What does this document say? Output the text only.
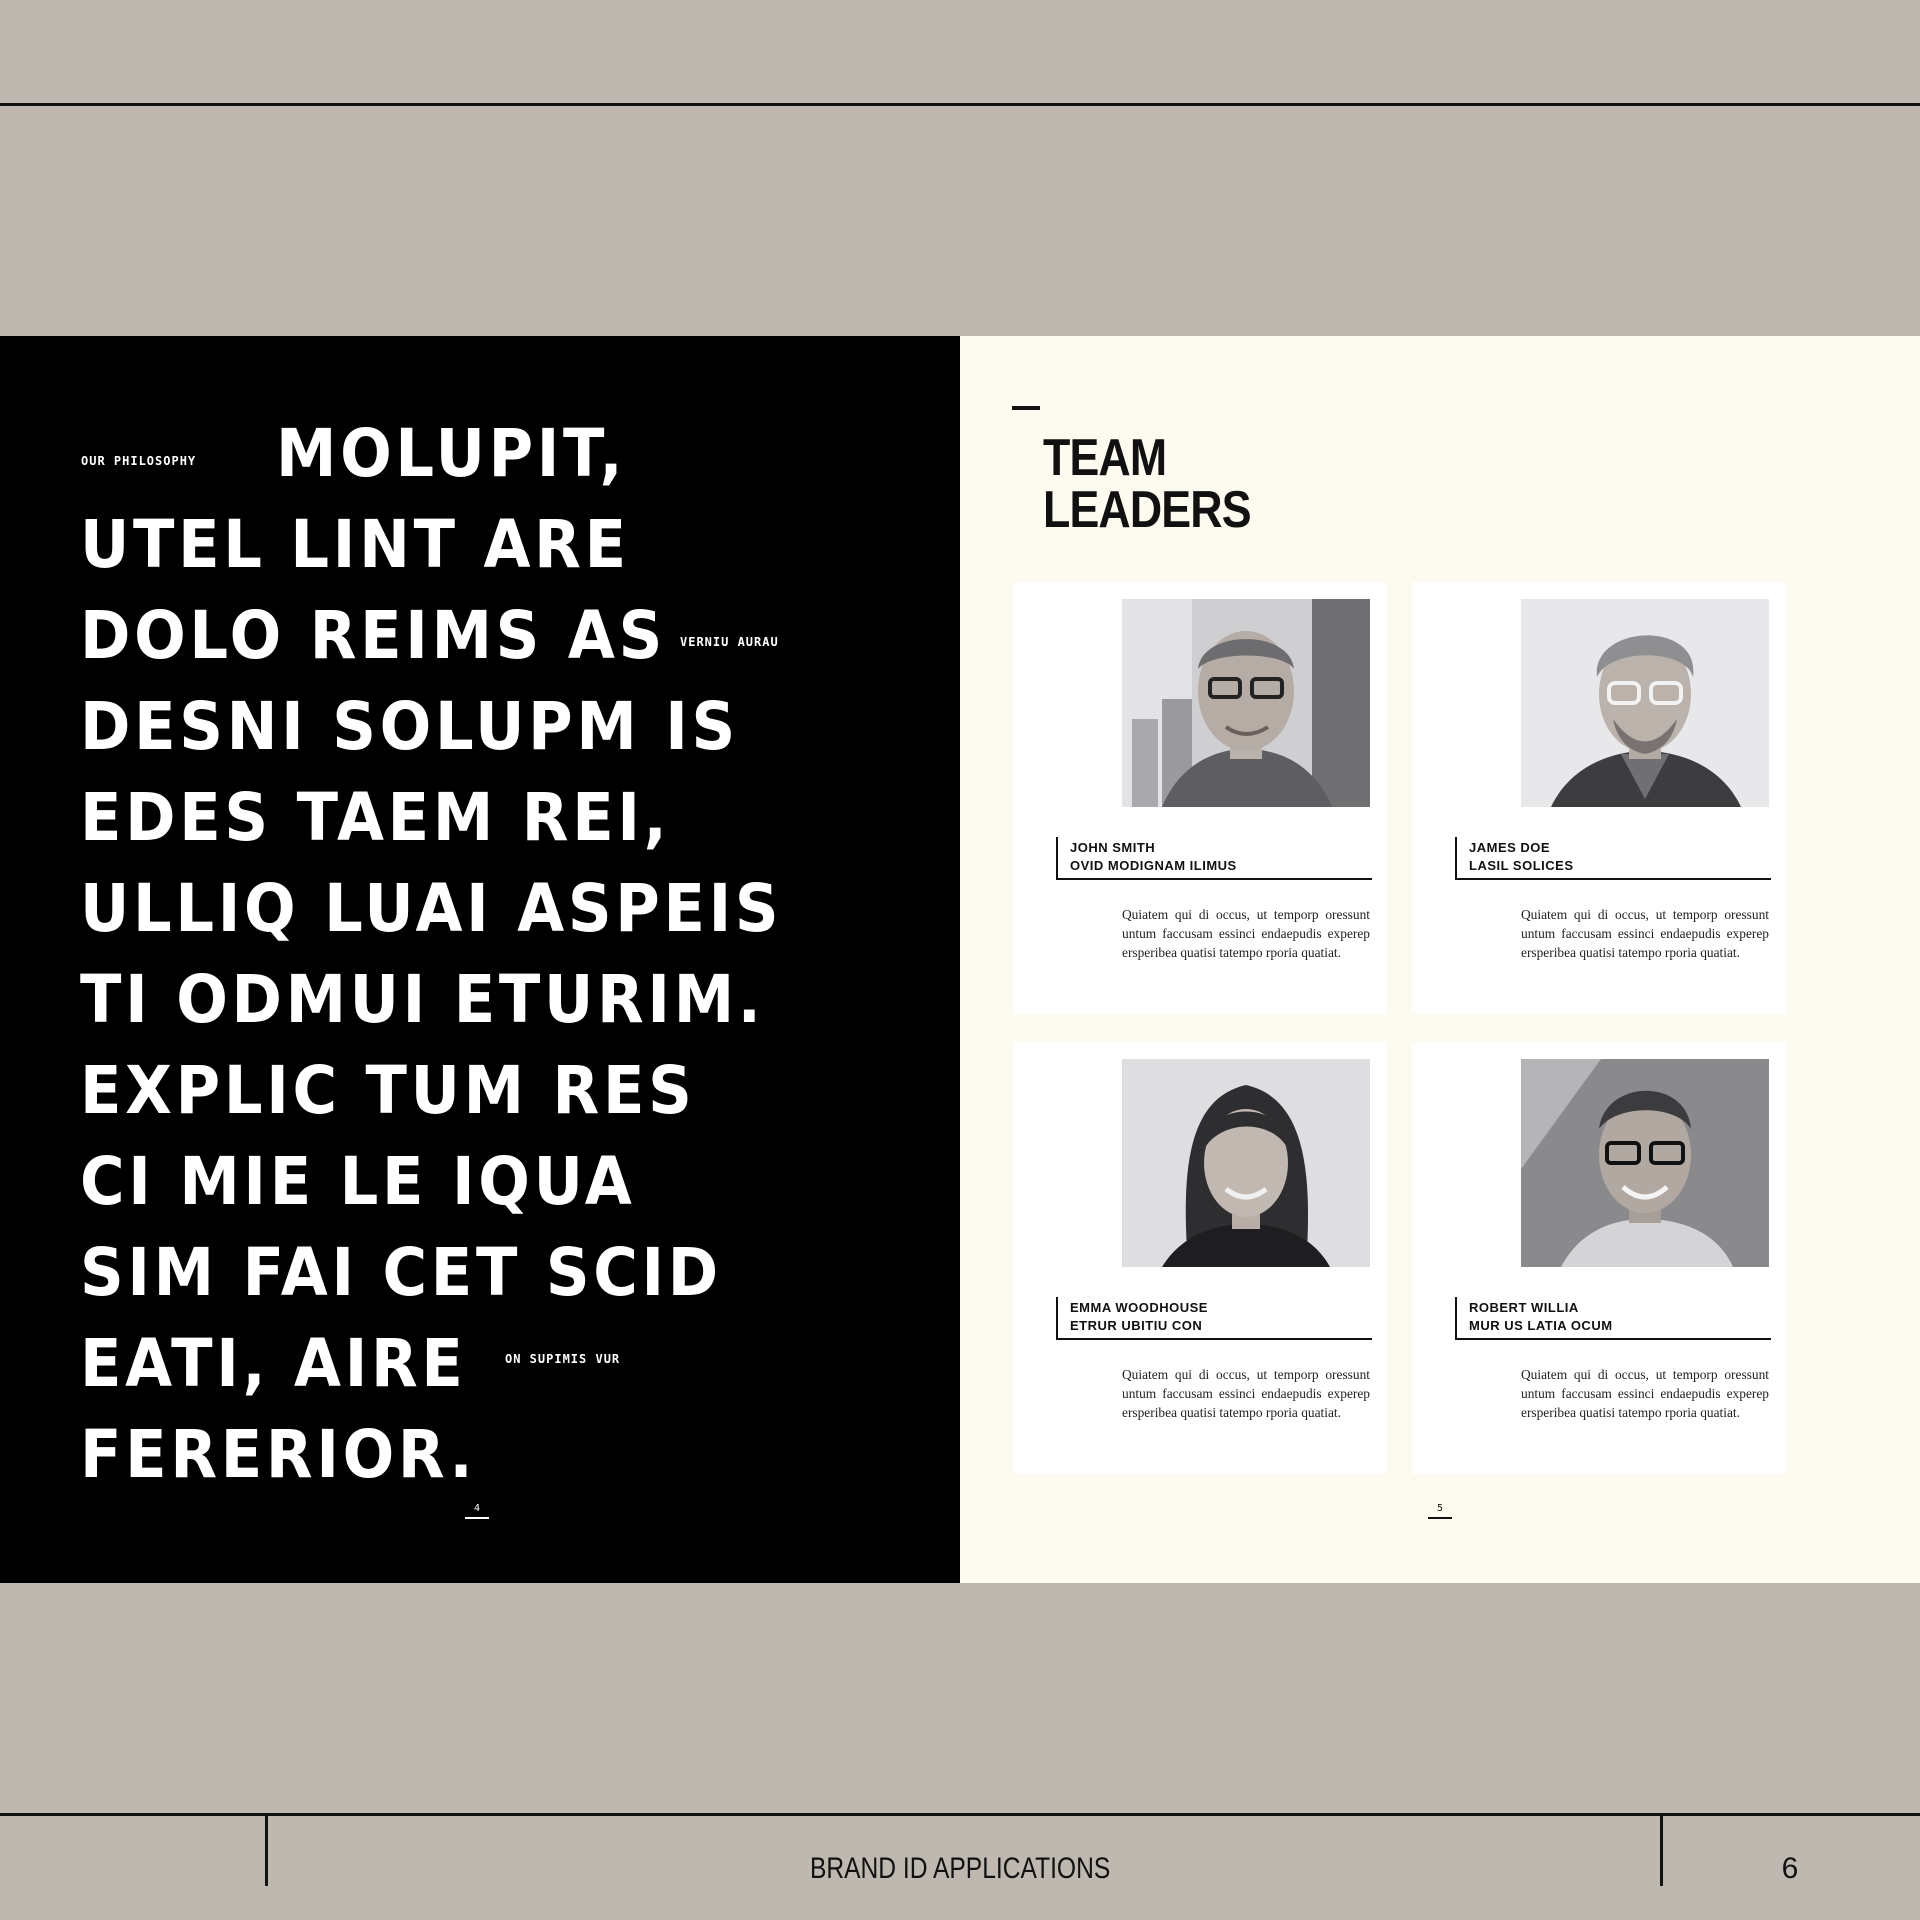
OUR PHILOSOPHY MOLUPIT,
UTEL LINT ARE
DOLO REIMS AS
DESNI SOLUPM IS
EDES TAEM REI,
ULLIQ LUAI ASPEIS
TI ODMUI ETURIM.
EXPLIC TUM RES
CI MIE LE IQUA
SIM FAI CET SCID
EATI, AIRE
FERERIOR.
VERNIU AURAU
ON SUPIMIS VUR
4
TEAM
LEADERS
JOHN SMITH
OVID MODIGNAM ILIMUS
Quiatem qui di occus, ut temporp oressunt untum faccusam essinci endaepudis experep ersperibea quatisi tatempo rporia quatiat.
JAMES DOE
LASIL SOLICES
Quiatem qui di occus, ut temporp oressunt untum faccusam essinci endaepudis experep ersperibea quatisi tatempo rporia quatiat.
EMMA WOODHOUSE
ETRUR UBITIU CON
Quiatem qui di occus, ut temporp oressunt untum faccusam essinci endaepudis experep ersperibea quatisi tatempo rporia quatiat.
ROBERT WILLIA
MUR US LATIA OCUM
Quiatem qui di occus, ut temporp oressunt untum faccusam essinci endaepudis experep ersperibea quatisi tatempo rporia quatiat.
5
BRAND ID APPLICATIONS	6
